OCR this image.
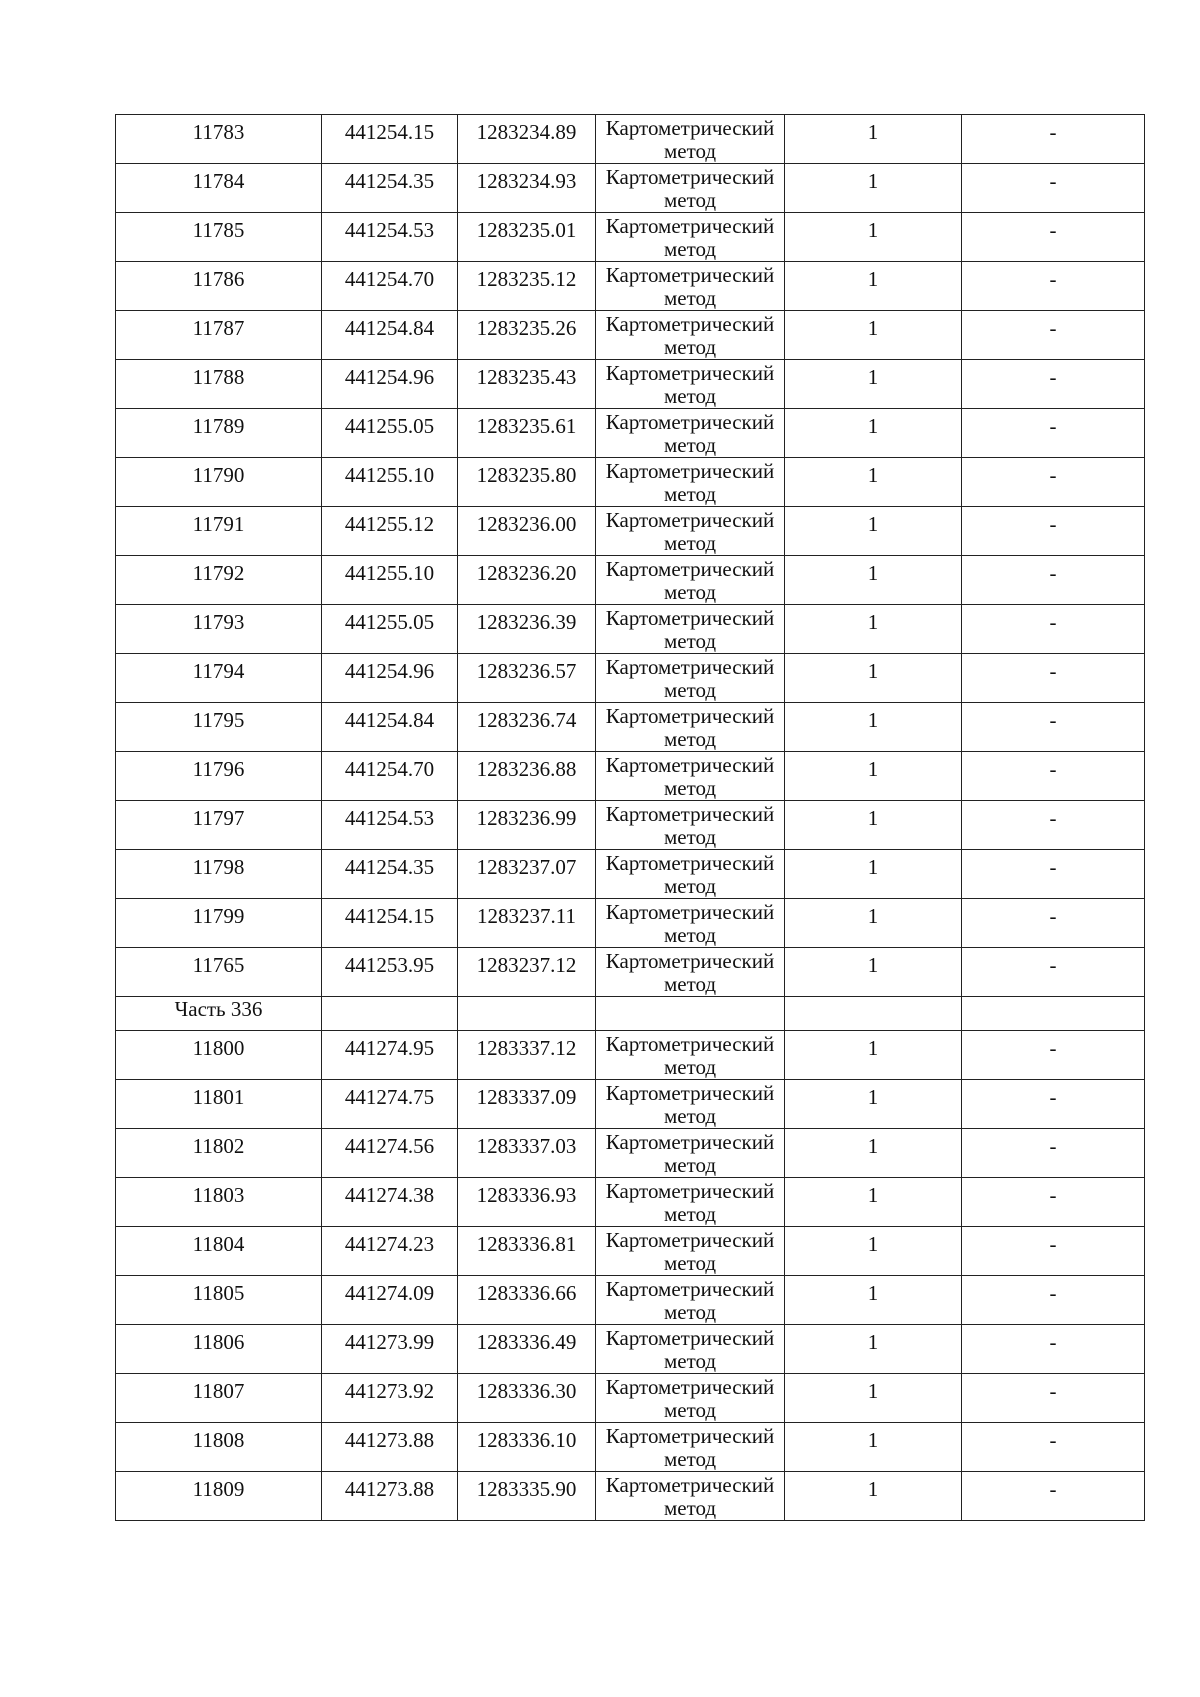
11783	441254.15	1283234.89	Картометрический
метод	1	-

11784	441254.35	1283234.93	Картометрический
метод	1	-

11785	441254.53	1283235.01	Картометрический
метод	1	-

11786	441254.70	1283235.12	Картометрический
метод	1	-

11787	441254.84	1283235.26	Картометрический
метод	1	-

11788	441254.96	1283235.43	Картометрический
метод	1	-

11789	441255.05	1283235.61	Картометрический
метод	1	-

11790	441255.10	1283235.80	Картометрический
метод	1	-

11791	441255.12	1283236.00	Картометрический
метод	1	-

11792	441255.10	1283236.20	Картометрический
метод	1	-

11793	441255.05	1283236.39	Картометрический
метод	1	-

11794	441254.96	1283236.57	Картометрический
метод	1	-

11795	441254.84	1283236.74	Картометрический
метод	1	-

11796	441254.70	1283236.88	Картометрический
метод	1	-

11797	441254.53	1283236.99	Картометрический
метод	1	-

11798	441254.35	1283237.07	Картометрический
метод	1	-

11799	441254.15	1283237.11	Картометрический
метод	1	-

11765	441253.95	1283237.12	Картометрический
метод	1	-

Часть 336					

11800	441274.95	1283337.12	Картометрический
метод	1	-

11801	441274.75	1283337.09	Картометрический
метод	1	-

11802	441274.56	1283337.03	Картометрический
метод	1	-

11803	441274.38	1283336.93	Картометрический
метод	1	-

11804	441274.23	1283336.81	Картометрический
метод	1	-

11805	441274.09	1283336.66	Картометрический
метод	1	-

11806	441273.99	1283336.49	Картометрический
метод	1	-

11807	441273.92	1283336.30	Картометрический
метод	1	-

11808	441273.88	1283336.10	Картометрический
метод	1	-

11809	441273.88	1283335.90	Картометрический
метод	1	-
